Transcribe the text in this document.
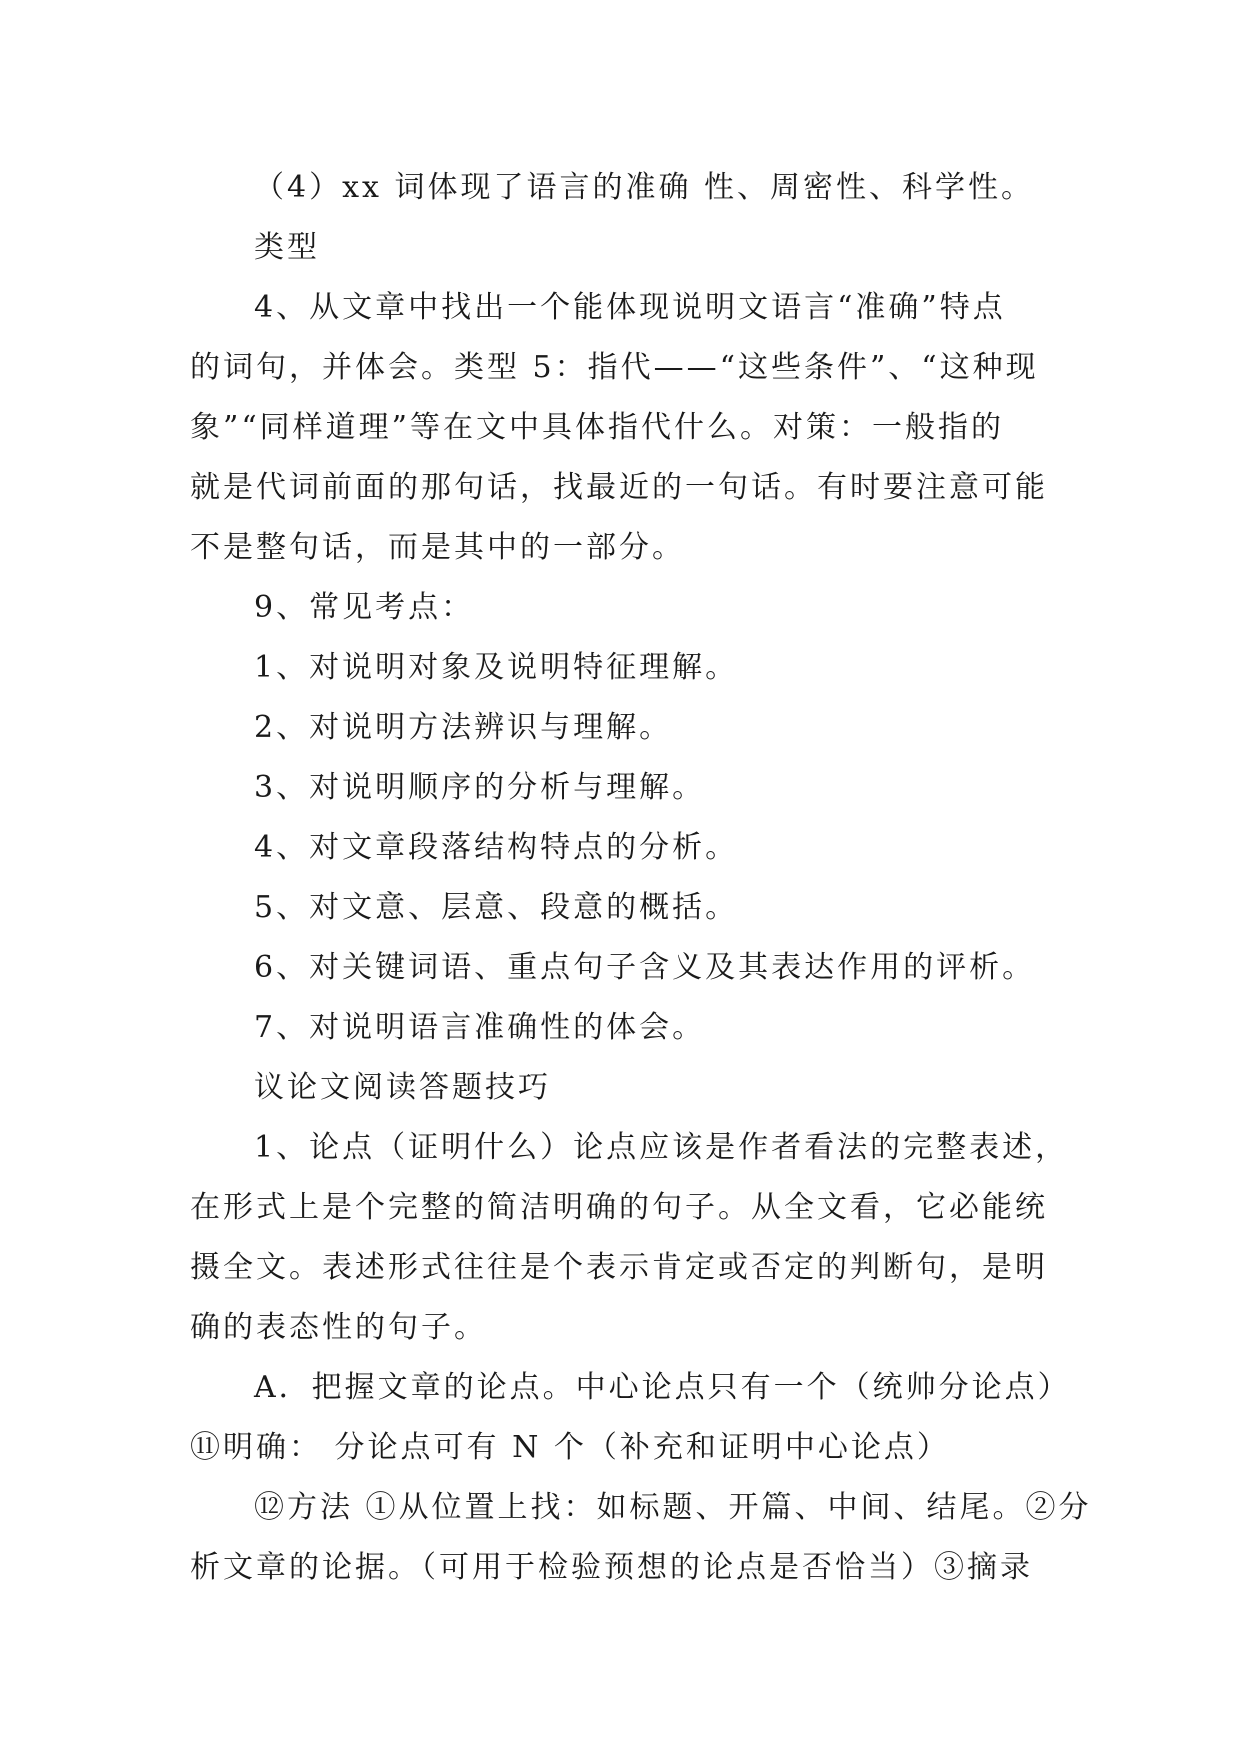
（4）xx 词体现了语言的准确 性、周密性、科学性。

类型

4、从文章中找出一个能体现说明文语言“准确”特点
的词句，并体会。类型 5：指代——“这些条件”、“这种现
象”“同样道理”等在文中具体指代什么。对策：一般指的
就是代词前面的那句话，找最近的一句话。有时要注意可能
不是整句话，而是其中的一部分。

9、常见考点：

1、对说明对象及说明特征理解。

2、对说明方法辨识与理解。

3、对说明顺序的分析与理解。

4、对文章段落结构特点的分析。

5、对文意、层意、段意的概括。

6、对关键词语、重点句子含义及其表达作用的评析。

7、对说明语言准确性的体会。

议论文阅读答题技巧

1、论点（证明什么）论点应该是作者看法的完整表述，
在形式上是个完整的简洁明确的句子。从全文看，它必能统
摄全文。表述形式往往是个表示肯定或否定的判断句，是明
确的表态性的句子。

A．把握文章的论点。中心论点只有一个（统帅分论点）
⑪明确： 分论点可有 N 个（补充和证明中心论点）

⑫方法 ①从位置上找：如标题、开篇、中间、结尾。②分
析文章的论据。（可用于检验预想的论点是否恰当）③摘录
